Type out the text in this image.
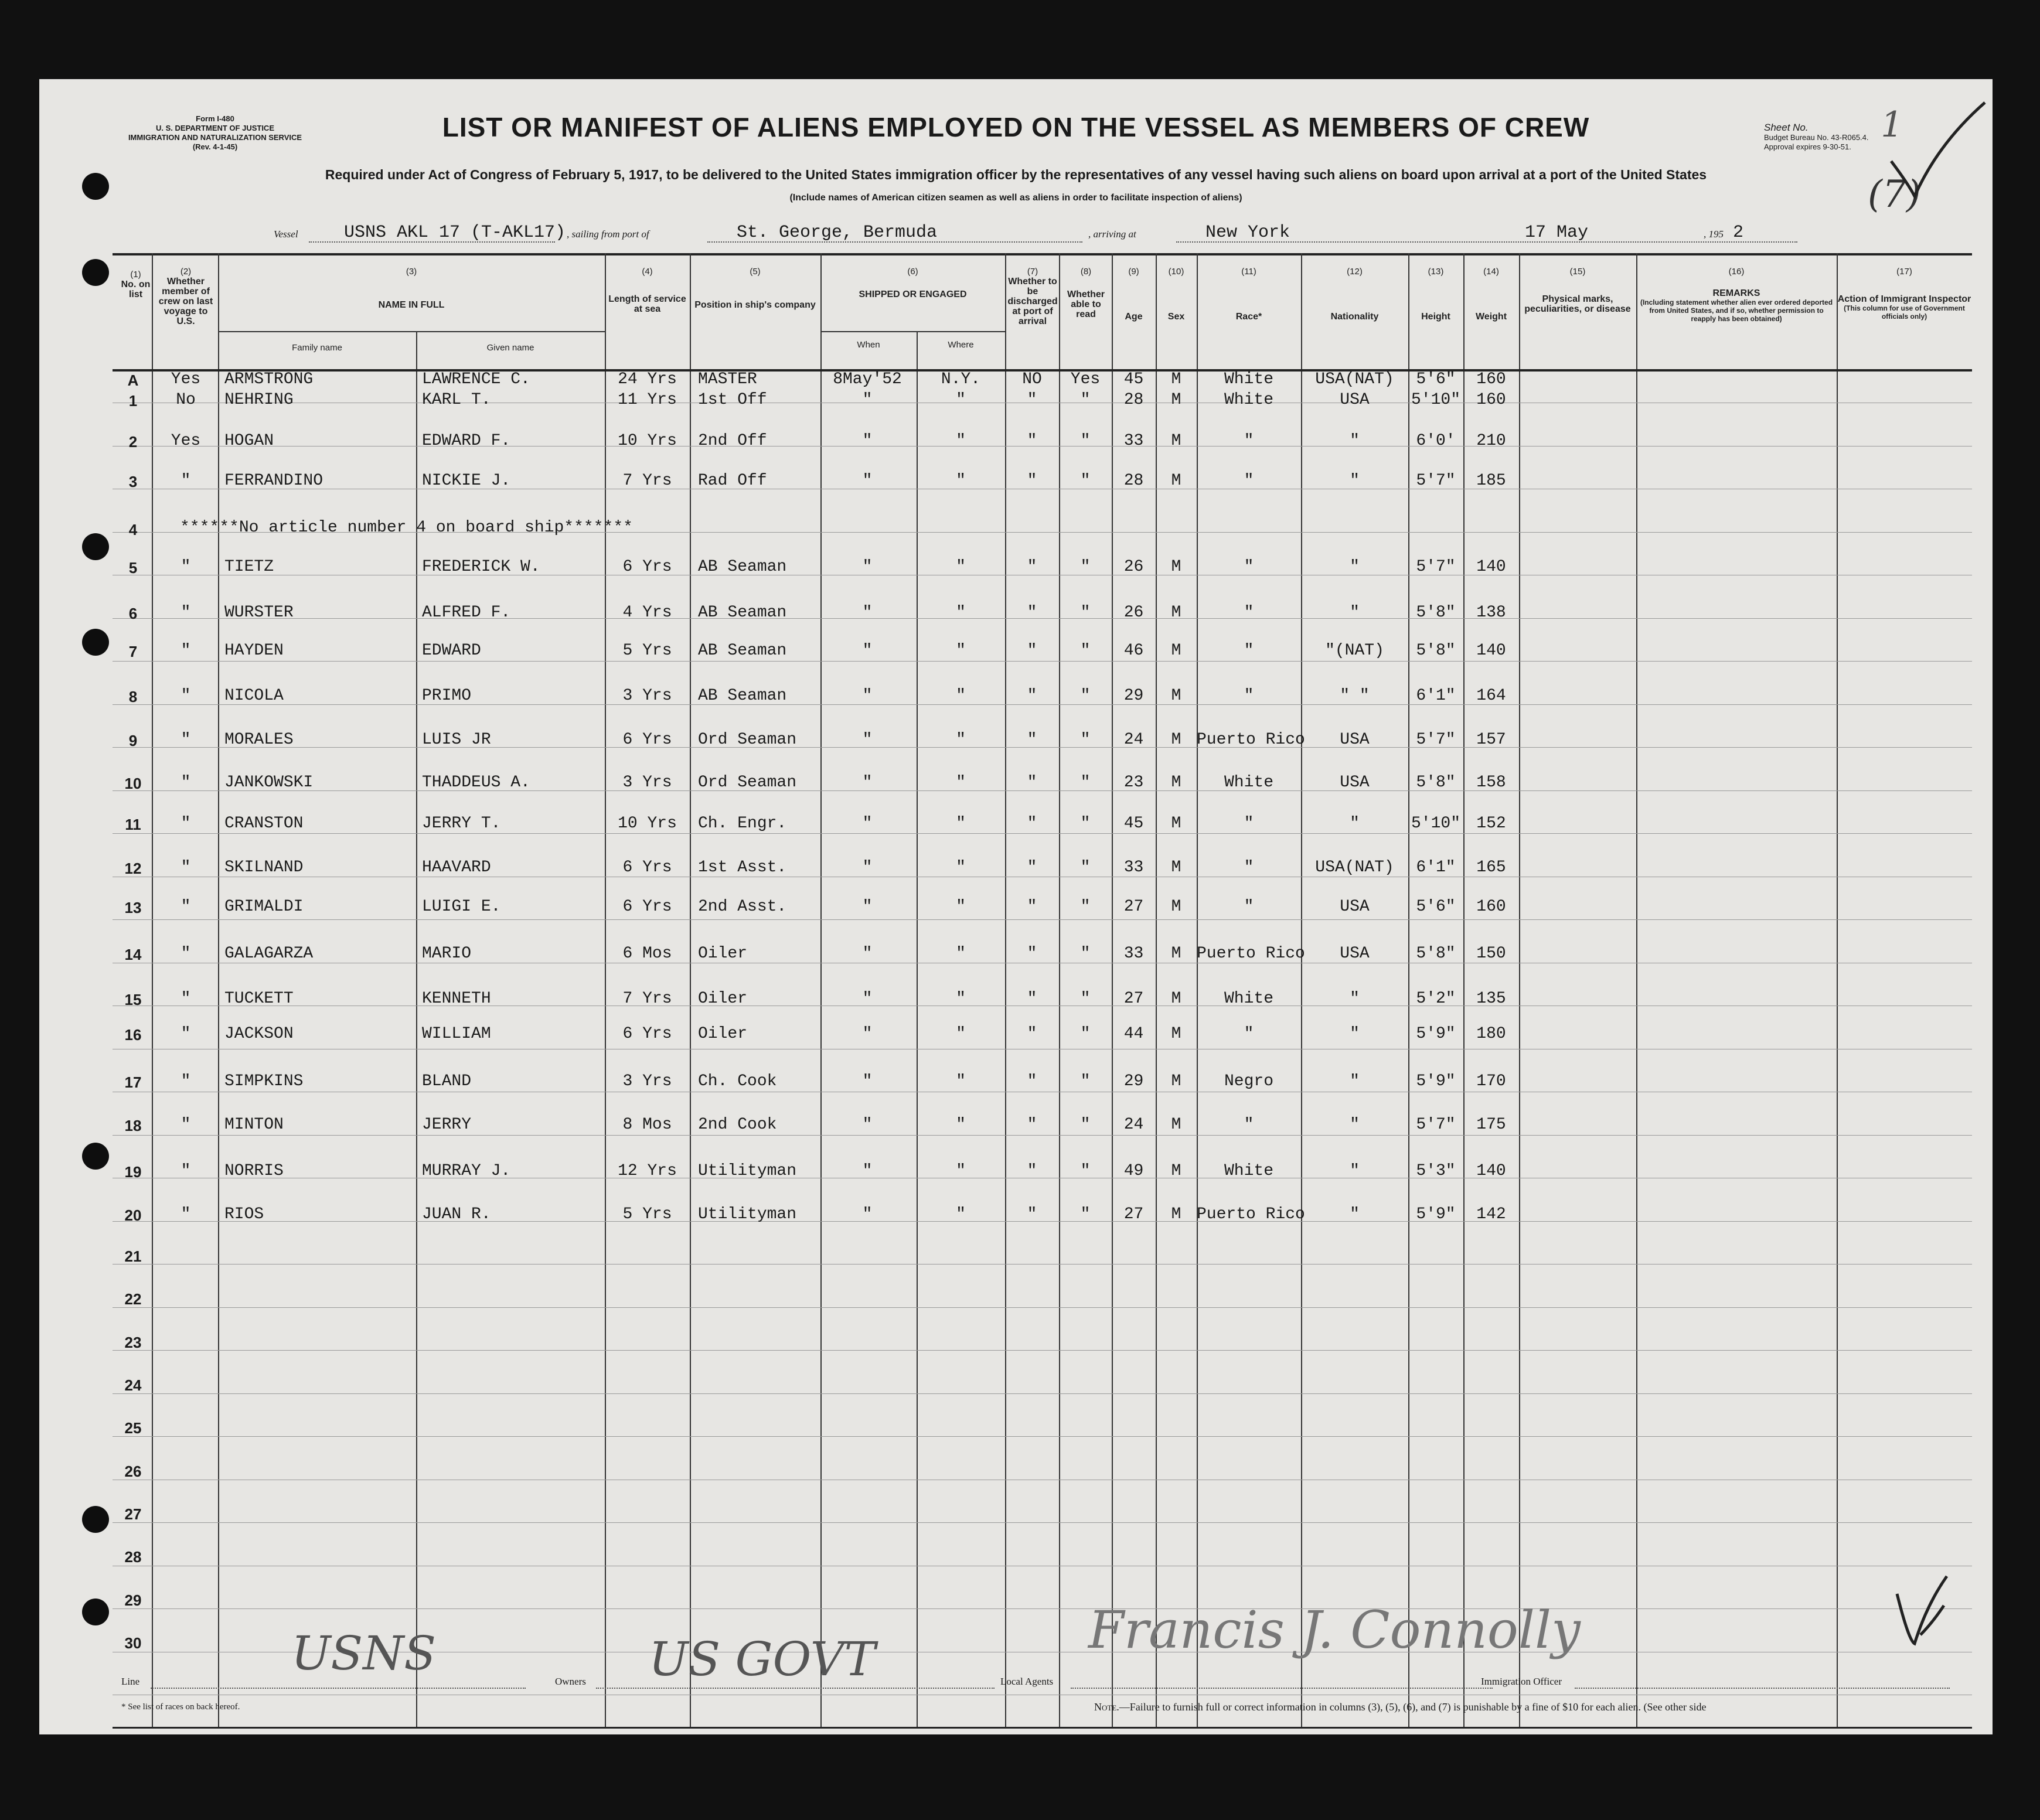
Form I-480
U. S. DEPARTMENT OF JUSTICE
IMMIGRATION AND NATURALIZATION SERVICE
(Rev. 4-1-45)
Sheet No. 1
Budget Bureau No. 43-R065.4.
Approval expires 9-30-51.
(7)
LIST OR MANIFEST OF ALIENS EMPLOYED ON THE VESSEL AS MEMBERS OF CREW
Required under Act of Congress of February 5, 1917, to be delivered to the United States immigration officer by the representatives of any vessel having such aliens on board upon arrival at a port of the United States
(Include names of American citizen seamen as well as aliens in order to facilitate inspection of aliens)
Vessel	USNS AKL 17 (T-AKL17) , sailing from port of	St. George, Bermuda	, arriving at	New York	17 May	, 195 2
(1)
No. on list
(2)
Whether member of crew on last voyage to U.S.
(3)
NAME IN FULL
Family name	Given name
(4)
Length of service at sea
(5)
Position in ship's company
(6)
SHIPPED OR ENGAGED
When	Where
(7)
Whether to be discharged at port of arrival
(8)
Whether able to read
(9)
Age
(10)
Sex
(11)
Race*
(12)
Nationality
(13)
Height
(14)
Weight
(15)
Physical marks, peculiarities, or disease
(16)
REMARKS
(Including statement whether alien ever ordered deported from United States, and if so, whether permission to reapply has been obtained)
(17)
Action of Immigrant Inspector
(This column for use of Government officials only)
A	Yes	ARMSTRONG	LAWRENCE C.	24 Yrs	MASTER	8May'52	N.Y.	NO	Yes	45	M	White	USA(NAT)	5'6"	160
1	No	NEHRING	KARL T.	11 Yrs	1st Off	"	"	"	"	28	M	White	USA	5'10" 160
2	Yes	HOGAN	EDWARD F.	10 Yrs	2nd Off	"	"	"	"	33	M	"	"	6'0'	210
3	"	FERRANDINO	NICKIE J.	7 Yrs	Rad Off	"	"	"	"	28	M	"	"	5'7"	185
5	"	TIETZ	FREDERICK W.	6 Yrs	AB Seaman	"	"	"	"	26	M	"	"	5'7"	140
6	"	WURSTER	ALFRED F.	4 Yrs	AB Seaman	"	"	"	"	26	M	"	"	5'8"	138
7	"	HAYDEN	EDWARD	5 Yrs	AB Seaman	"	"	"	"	46	M	"	"(NAT)	5'8"	140
8	"	NICOLA	PRIMO	3 Yrs	AB Seaman	"	"	"	"	29	M	"	" "	6'1"	164
9	"	MORALES	LUIS JR	6 Yrs	Ord Seaman	"	"	"	"	24	M Puerto Rico	USA	5'7"	157
10	"	JANKOWSKI	THADDEUS A.	3 Yrs	Ord Seaman	"	"	"	"	23	M	White	USA	5'8"	158
11	"	CRANSTON	JERRY T.	10 Yrs	Ch. Engr.	"	"	"	"	45	M	"	"	5'10" 152
12	"	SKILNAND	HAAVARD	6 Yrs	1st Asst.	"	"	"	"	33	M	"	USA(NAT)	6'1"	165
13	"	GRIMALDI	LUIGI E.	6 Yrs	2nd Asst.	"	"	"	"	27	M	"	USA	5'6"	160
14	"	GALAGARZA	MARIO	6 Mos	Oiler	"	"	"	"	33	M Puerto Rico	USA	5'8"	150
15	"	TUCKETT	KENNETH	7 Yrs	Oiler	"	"	"	"	27	M	White	"	5'2"	135
16	"	JACKSON	WILLIAM	6 Yrs	Oiler	"	"	"	"	44	M	"	"	5'9"	180
17	"	SIMPKINS	BLAND	3 Yrs	Ch. Cook	"	"	"	"	29	M	Negro	"	5'9"	170
18	"	MINTON	JERRY	8 Mos	2nd Cook	"	"	"	"	24	M	"	"	5'7"	175
19	"	NORRIS	MURRAY J.	12 Yrs	Utilityman	"	"	"	"	49	M	White	"	5'3"	140
20	"	RIOS	JUAN R.	5 Yrs	Utilityman	"	"	"	"	27	M Puerto Rico	"	5'9"	142
4	******No article number 4 on board ship*******
21
22
23
24
25
26
27
28
29
30
Line
USNS
Owners US GOVT	Local Agents
Francis J. Connolly
Immigration Officer
* See list of races on back hereof.	Note.—Failure to furnish full or correct information in columns (3), (5), (6), and (7) is punishable by a fine of $10 for each alien. (See other side
